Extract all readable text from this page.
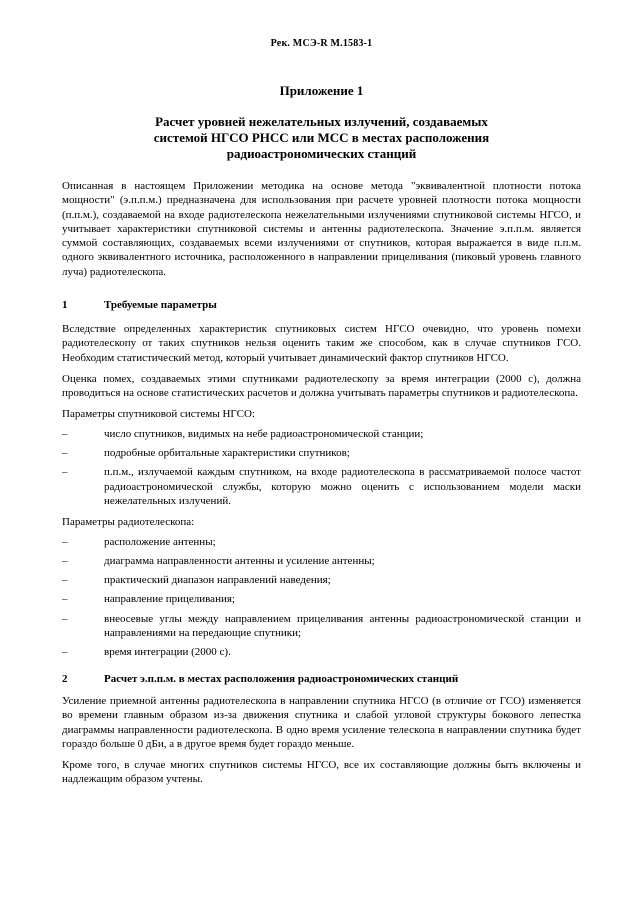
Рек. МСЭ-R M.1583-1
Приложение 1
Расчет уровней нежелательных излучений, создаваемых
системой НГСО РНСС или МСС в местах расположения
радиоастрономических станций

Описанная в настоящем Приложении методика на основе метода "эквивалентной плотности потока мощности" (э.п.п.м.) предназначена для использования при расчете уровней плотности потока мощности (п.п.м.), создаваемой на входе радиотелескопа нежелательными излучениями спутниковой системы НГСО, и учитывает характеристики спутниковой системы и антенны радиотелескопа. Значение э.п.п.м. является суммой составляющих, создаваемых всеми излучениями от спутников, которая выражается в виде п.п.м. одного эквивалентного источника, расположенного в направлении прицеливания (пиковый уровень главного луча) радиотелескопа.

1	Требуемые параметры

Вследствие определенных характеристик спутниковых систем НГСО очевидно, что уровень помехи радиотелескопу от таких спутников нельзя оценить таким же способом, как в случае спутников ГСО. Необходим статистический метод, который учитывает динамический фактор спутников НГСО.

Оценка помех, создаваемых этими спутниками радиотелескопу за время интеграции (2000 с), должна проводиться на основе статистических расчетов и должна учитывать параметры спутников и радиотелескопа.

Параметры спутниковой системы НГСО:

–	число спутников, видимых на небе радиоастрономической станции;
–	подробные орбитальные характеристики спутников;
–	п.п.м., излучаемой каждым спутником, на входе радиотелескопа в рассматриваемой полосе частот радиоастрономической службы, которую можно оценить с использованием модели маски нежелательных излучений.

Параметры радиотелескопа:

–	расположение антенны;
–	диаграмма направленности антенны и усиление антенны;
–	практический диапазон направлений наведения;
–	направление прицеливания;
–	внеосевые углы между направлением прицеливания антенны радиоастрономической станции и направлениями на передающие спутники;
–	время интеграции (2000 с).
2	Расчет э.п.п.м. в местах расположения радиоастрономических станций

Усиление приемной антенны радиотелескопа в направлении спутника НГСО (в отличие от ГСО) изменяется во времени главным образом из-за движения спутника и слабой угловой структуры бокового лепестка диаграммы направленности радиотелескопа. В одно время усиление телескопа в направлении спутника будет гораздо больше 0 дБи, а в другое время будет гораздо меньше.

Кроме того, в случае многих спутников системы НГСО, все их составляющие должны быть включены и надлежащим образом учтены.
